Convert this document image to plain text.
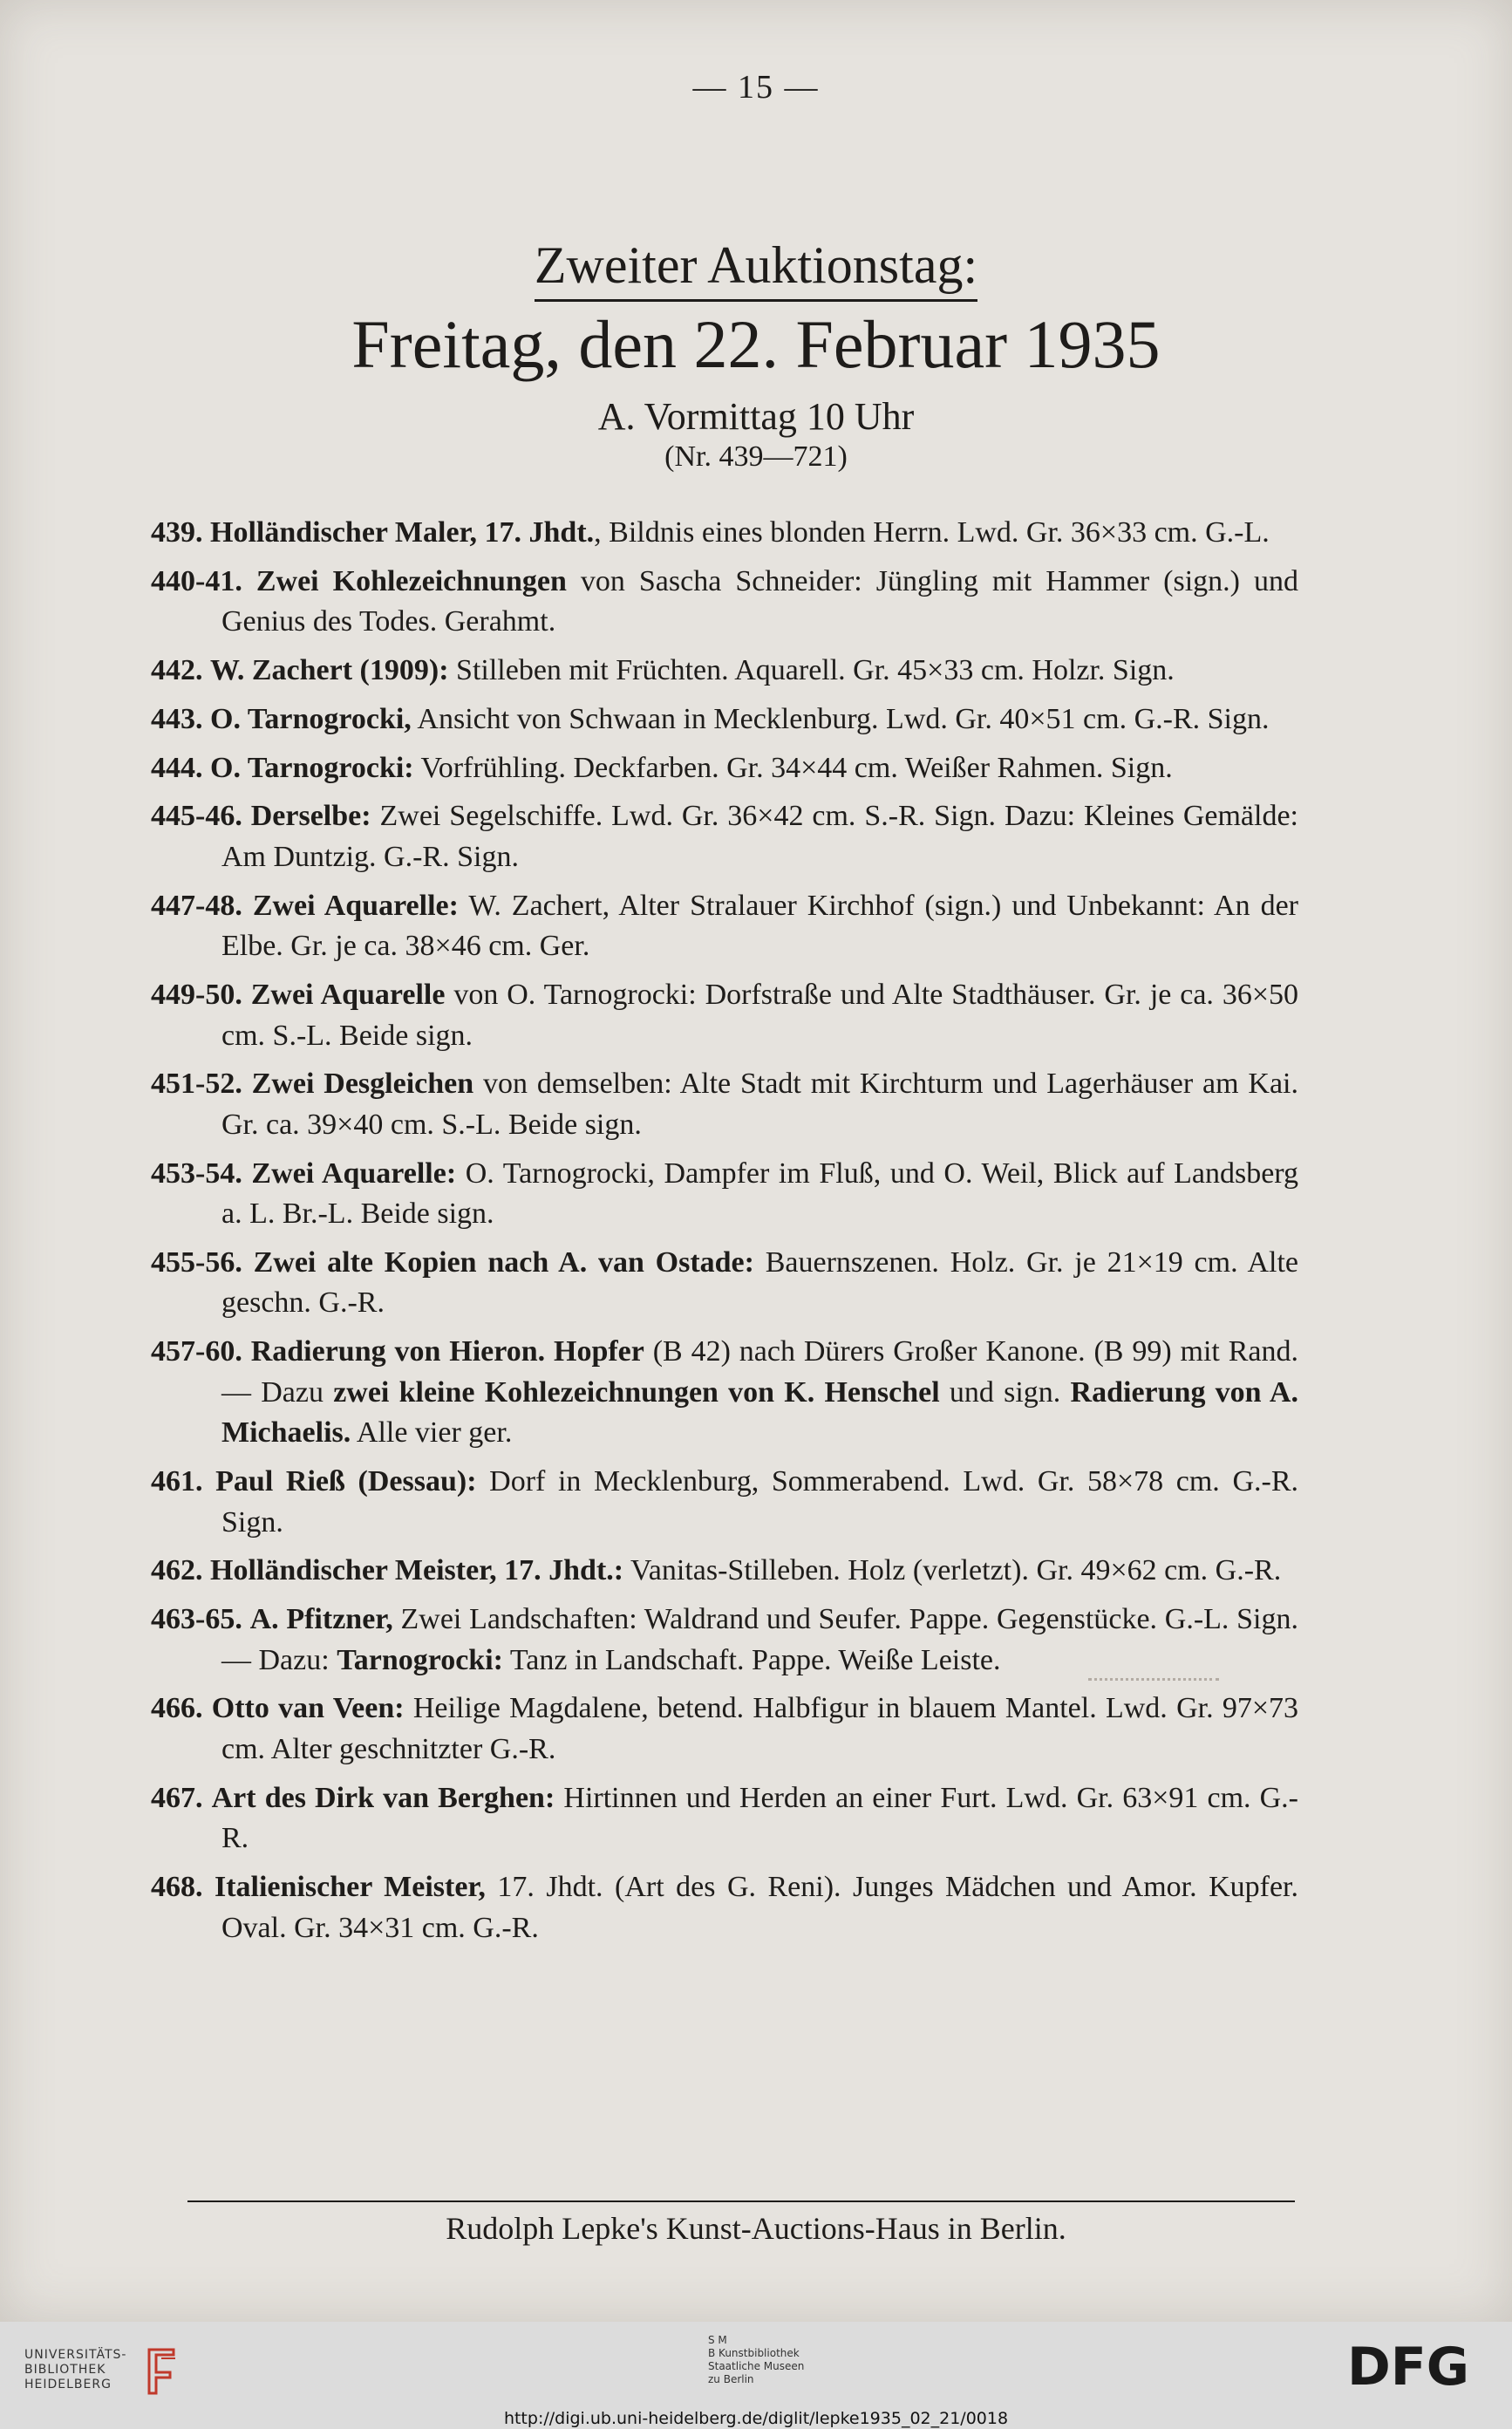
— 15 —
Zweiter Auktionstag:
Freitag, den 22. Februar 1935
A. Vormittag 10 Uhr
(Nr. 439—721)

439. Holländischer Maler, 17. Jhdt., Bildnis eines blonden Herrn. Lwd. Gr. 36×33 cm. G.-L.

440-41. Zwei Kohlezeichnungen von Sascha Schneider: Jüngling mit Hammer (sign.) und Genius des Todes. Gerahmt.

442. W. Zachert (1909): Stilleben mit Früchten. Aquarell. Gr. 45×33 cm. Holzr. Sign.

443. O. Tarnogrocki, Ansicht von Schwaan in Mecklenburg. Lwd. Gr. 40×51 cm. G.-R. Sign.

444. O. Tarnogrocki: Vorfrühling. Deckfarben. Gr. 34×44 cm. Weißer Rahmen. Sign.

445-46. Derselbe: Zwei Segelschiffe. Lwd. Gr. 36×42 cm. S.-R. Sign. Dazu: Kleines Gemälde: Am Duntzig. G.-R. Sign.

447-48. Zwei Aquarelle: W. Zachert, Alter Stralauer Kirchhof (sign.) und Unbekannt: An der Elbe. Gr. je ca. 38×46 cm. Ger.

449-50. Zwei Aquarelle von O. Tarnogrocki: Dorfstraße und Alte Stadthäuser. Gr. je ca. 36×50 cm. S.-L. Beide sign.

451-52. Zwei Desgleichen von demselben: Alte Stadt mit Kirchturm und Lagerhäuser am Kai. Gr. ca. 39×40 cm. S.-L. Beide sign.

453-54. Zwei Aquarelle: O. Tarnogrocki, Dampfer im Fluß, und O. Weil, Blick auf Landsberg a. L. Br.-L. Beide sign.

455-56. Zwei alte Kopien nach A. van Ostade: Bauernszenen. Holz. Gr. je 21×19 cm. Alte geschn. G.-R.

457-60. Radierung von Hieron. Hopfer (B 42) nach Dürers Großer Kanone. (B 99) mit Rand. — Dazu zwei kleine Kohlezeichnungen von K. Henschel und sign. Radierung von A. Michaelis. Alle vier ger.

461. Paul Rieß (Dessau): Dorf in Mecklenburg, Sommerabend. Lwd. Gr. 58×78 cm. G.-R. Sign.

462. Holländischer Meister, 17. Jhdt.: Vanitas-Stilleben. Holz (verletzt). Gr. 49×62 cm. G.-R.

463-65. A. Pfitzner, Zwei Landschaften: Waldrand und Seufer. Pappe. Gegenstücke. G.-L. Sign. — Dazu: Tarnogrocki: Tanz in Landschaft. Pappe. Weiße Leiste.

466. Otto van Veen: Heilige Magdalene, betend. Halbfigur in blauem Mantel. Lwd. Gr. 97×73 cm. Alter geschnitzter G.-R.

467. Art des Dirk van Berghen: Hirtinnen und Herden an einer Furt. Lwd. Gr. 63×91 cm. G.-R.

468. Italienischer Meister, 17. Jhdt. (Art des G. Reni). Junges Mädchen und Amor. Kupfer. Oval. Gr. 34×31 cm. G.-R.

Rudolph Lepke's Kunst-Auctions-Haus in Berlin.
UNIVERSITÄTS-
BIBLIOTHEK
HEIDELBERG
S M
B Kunstbibliothek
Staatliche Museen
zu Berlin	DFG
http://digi.ub.uni-heidelberg.de/diglit/lepke1935_02_21/0018
